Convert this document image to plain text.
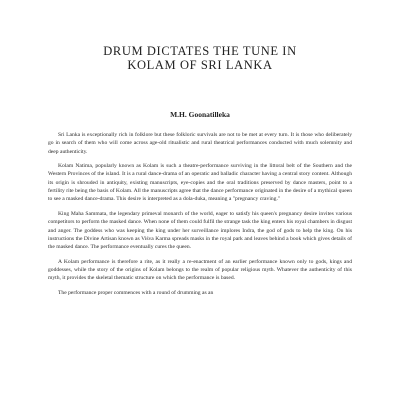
DRUM DICTATES THE TUNE IN
KOLAM OF SRI LANKA
M.H. Goonatilleka

Sri Lanka is exceptionally rich in folklore but these folkloric survivals are not to be met at every turn. It is those who deliberately go in search of them who will come across age-old ritualistic and rural theatrical performances conducted with much solemnity and deep authenticity.

Kolam Natima, popularly known as Kolam is such a theatre-performance surviving in the littoral belt of the Southern and the Western Provinces of the island. It is a rural dance-drama of an operatic and balladic character having a central story content. Although its origin is shrouded in antiquity, existing manuscripts, eye-copies and the oral traditions preserved by dance masters, point to a fertility rite being the basis of Kolam. All the manuscripts agree that the dance performance originated in the desire of a mythical queen to see a masked dance-drama. This desire is interpreted as a dola-duka, meaning a "pregnancy craving."

King Maha Sammata, the legendary primeval monarch of the world, eager to satisfy his queen's pregnancy desire invites various competitors to perform the masked dance. When none of them could fulfil the strange task the king enters his royal chambers in disgust and anger. The goddess who was keeping the king under her surveillance implores Indra, the god of gods to help the king. On his instructions the Divine Artisan known as Viśva Karma spreads masks in the royal park and leaves behind a book which gives details of the masked dance. The performance eventually cures the queen.

A Kolam performance is therefore a rite, as it really a re-enactment of an earlier performance known only to gods, kings and goddesses, while the story of the origins of Kolam belongs to the realm of popular religious myth. Whatever the authenticity of this myth, it provides the skeletal thematic structure on which the performance is based.

The performance proper commences with a round of drumming as an
